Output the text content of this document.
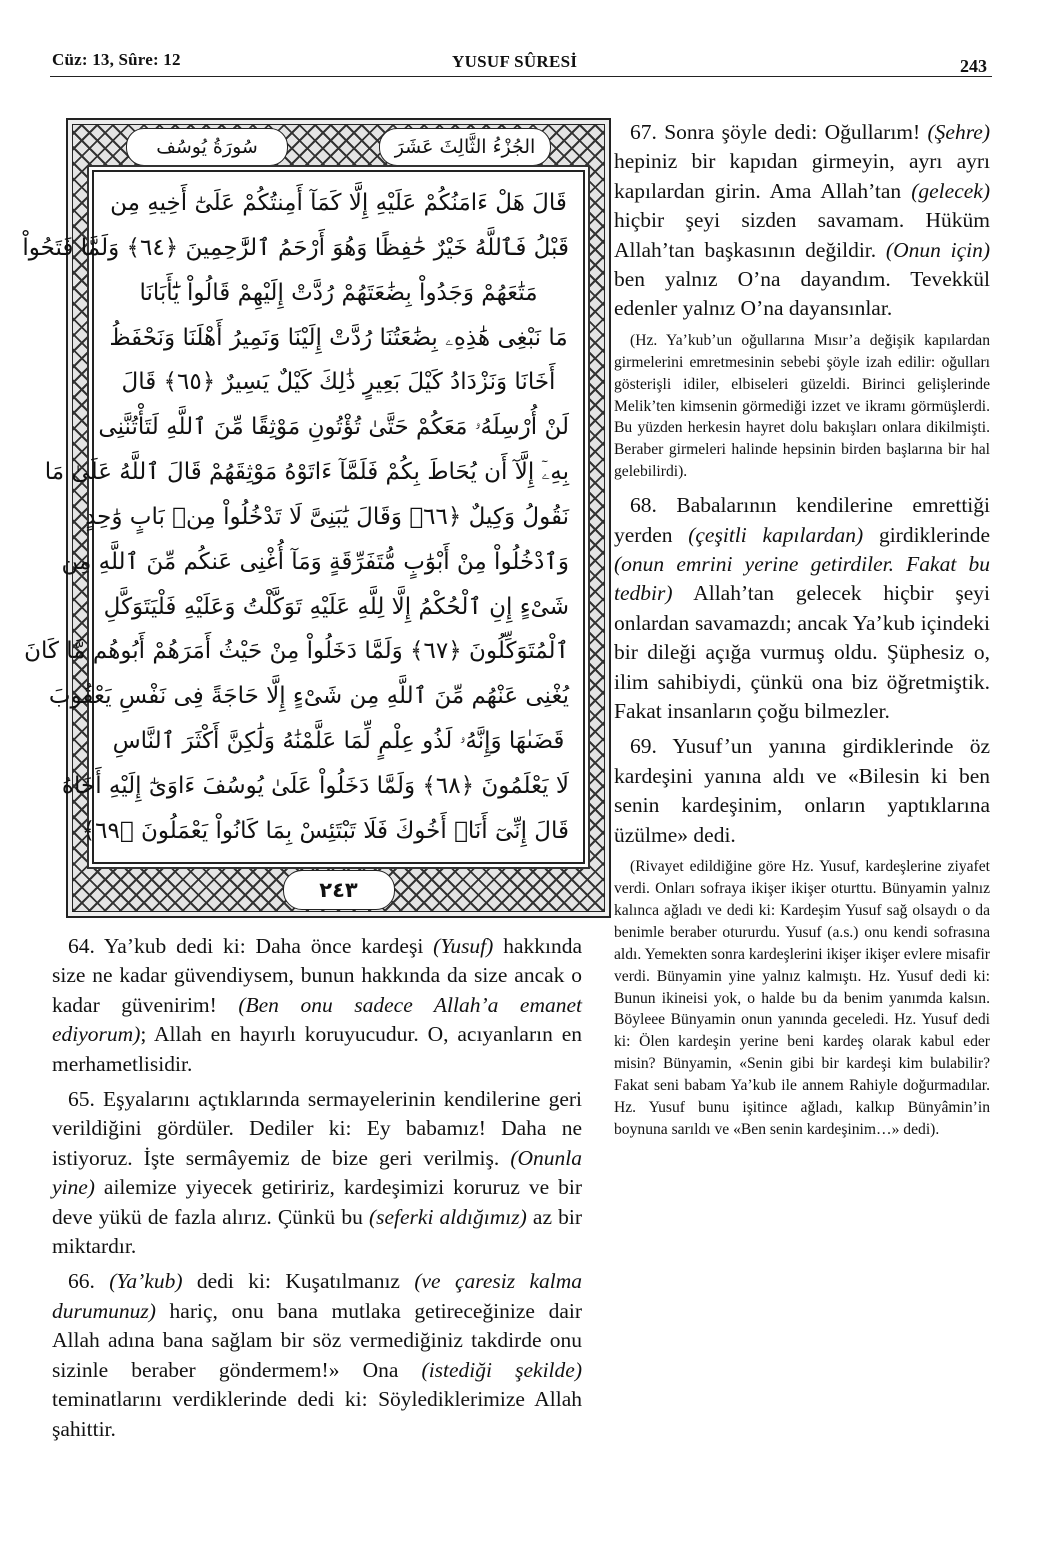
Cüz: 13, Sûre: 12	YUSUF SÛRESİ	243
سُورَةُ يُوسُف	الجُزْءُ الثَّالِثَ عَشَرَ
قَالَ هَلْ ءَامَنُكُمْ عَلَيْهِ إِلَّا كَمَآ أَمِنتُكُمْ عَلَىٰٓ أَخِيهِ مِن
قَبْلُ فَٱللَّهُ خَيْرٌ حَٰفِظًا وَهُوَ أَرْحَمُ ٱلرَّٰحِمِينَ ﴿٦٤﴾ وَلَمَّا فَتَحُواْ
مَتَٰعَهُمْ وَجَدُواْ بِضَٰعَتَهُمْ رُدَّتْ إِلَيْهِمْ قَالُواْ يَٰٓأَبَانَا
مَا نَبْغِى هَٰذِهِۦ بِضَٰعَتُنَا رُدَّتْ إِلَيْنَا وَنَمِيرُ أَهْلَنَا وَنَحْفَظُ
أَخَانَا وَنَزْدَادُ كَيْلَ بَعِيرٍ ذَٰلِكَ كَيْلٌ يَسِيرٌ ﴿٦٥﴾ قَالَ
لَنْ أُرْسِلَهُۥ مَعَكُمْ حَتَّىٰ تُؤْتُونِ مَوْثِقًا مِّنَ ٱللَّهِ لَتَأْتُنَّنِى
بِهِۦٓ إِلَّآ أَن يُحَاطَ بِكُمْ فَلَمَّآ ءَاتَوْهُ مَوْثِقَهُمْ قَالَ ٱللَّهُ عَلَىٰ مَا
نَقُولُ وَكِيلٌ ﴿٦٦﴾ وَقَالَ يَٰبَنِىَّ لَا تَدْخُلُواْ مِنۢ بَابٍ وَٰحِدٍ
وَٱدْخُلُواْ مِنْ أَبْوَٰبٍ مُّتَفَرِّقَةٍ وَمَآ أُغْنِى عَنكُم مِّنَ ٱللَّهِ مِن
شَىْءٍ إِنِ ٱلْحُكْمُ إِلَّا لِلَّهِ عَلَيْهِ تَوَكَّلْتُ وَعَلَيْهِ فَلْيَتَوَكَّلِ
ٱلْمُتَوَكِّلُونَ ﴿٦٧﴾ وَلَمَّا دَخَلُواْ مِنْ حَيْثُ أَمَرَهُمْ أَبُوهُم مَّا كَانَ
يُغْنِى عَنْهُم مِّنَ ٱللَّهِ مِن شَىْءٍ إِلَّا حَاجَةً فِى نَفْسِ يَعْقُوبَ
قَضَىٰهَا وَإِنَّهُۥ لَذُو عِلْمٍ لِّمَا عَلَّمْنَٰهُ وَلَٰكِنَّ أَكْثَرَ ٱلنَّاسِ
لَا يَعْلَمُونَ ﴿٦٨﴾ وَلَمَّا دَخَلُواْ عَلَىٰ يُوسُفَ ءَاوَىٰٓ إِلَيْهِ أَخَاهُ
قَالَ إِنِّىٓ أَنَا۠ أَخُوكَ فَلَا تَبْتَئِسْ بِمَا كَانُواْ يَعْمَلُونَ ﴿٦٩﴾
٢٤٣

64. Ya’kub dedi ki: Daha önce kardeşi (Yusuf) hakkında size ne kadar güvendiysem, bunun hakkında da size ancak o kadar güvenirim! (Ben onu sadece Allah’a emanet ediyorum); Allah en hayırlı koruyucudur. O, acıyanların en merhametlisidir.

65. Eşyalarını açtıklarında sermayelerinin kendilerine geri verildiğini gördüler. Dediler ki: Ey babamız! Daha ne istiyoruz. İşte sermâyemiz de bize geri verilmiş. (Onunla yine) ailemize yiyecek getiririz, kardeşimizi koruruz ve bir deve yükü de fazla alırız. Çünkü bu (seferki aldığımız) az bir miktardır.

66. (Ya’kub) dedi ki: Kuşatılmanız (ve çaresiz kalma durumunuz) hariç, onu bana mutlaka getireceğinize dair Allah adına bana sağlam bir söz vermediğiniz takdirde onu sizinle beraber göndermem!» Ona (istediği şekilde) teminatlarını verdiklerinde dedi ki: Söylediklerimize Allah şahittir.

67. Sonra şöyle dedi: Oğullarım! (Şehre) hepiniz bir kapıdan girmeyin, ayrı ayrı kapılardan girin. Ama Allah’tan (gelecek) hiçbir şeyi sizden savamam. Hüküm Allah’tan başkasının değildir. (Onun için) ben yalnız O’na dayandım. Tevekkül edenler yalnız O’na dayansınlar.

(Hz. Ya’kub’un oğullarına Mısır’a değişik kapılardan girmelerini emretmesinin sebebi şöyle izah edilir: oğulları gösterişli idiler, elbiseleri güzeldi. Birinci gelişlerinde Melik’ten kimsenin görmediği izzet ve ikramı görmüşlerdi. Bu yüzden herkesin hayret dolu bakışları onlara dikilmişti. Beraber girmeleri halinde hepsinin birden başlarına bir hal gelebilirdi).

68. Babalarının kendilerine emrettiği yerden (çeşitli kapılardan) girdiklerinde (onun emrini yerine getirdiler. Fakat bu tedbir) Allah’tan gelecek hiçbir şeyi onlardan savamazdı; ancak Ya’kub içindeki bir dileği açığa vurmuş oldu. Şüphesiz o, ilim sahibiydi, çünkü ona biz öğretmiştik. Fakat insanların çoğu bilmezler.

69. Yusuf’un yanına girdiklerinde öz kardeşini yanına aldı ve «Bilesin ki ben senin kardeşinim, onların yaptıklarına üzülme» dedi.

(Rivayet edildiğine göre Hz. Yusuf, kardeşlerine ziyafet verdi. Onları sofraya ikişer ikişer oturttu. Bünyamin yalnız kalınca ağladı ve dedi ki: Kardeşim Yusuf sağ olsaydı o da benimle beraber otururdu. Yusuf (a.s.) onu kendi sofrasına aldı. Yemekten sonra kardeşlerini ikişer ikişer evlere misafir verdi. Bünyamin yine yalnız kalmıştı. Hz. Yusuf dedi ki: Bunun ikineisi yok, o halde bu da benim yanımda kalsın. Böyleee Bünyamin onun yanında geceledi. Hz. Yusuf dedi ki: Ölen kardeşin yerine beni kardeş olarak kabul eder misin? Bünyamin, «Senin gibi bir kardeşi kim bulabilir? Fakat seni babam Ya’kub ile annem Rahiyle doğurmadılar. Hz. Yusuf bunu işitince ağladı, kalkıp Bünyâmin’in boynuna sarıldı ve «Ben senin kardeşinim…» dedi).
